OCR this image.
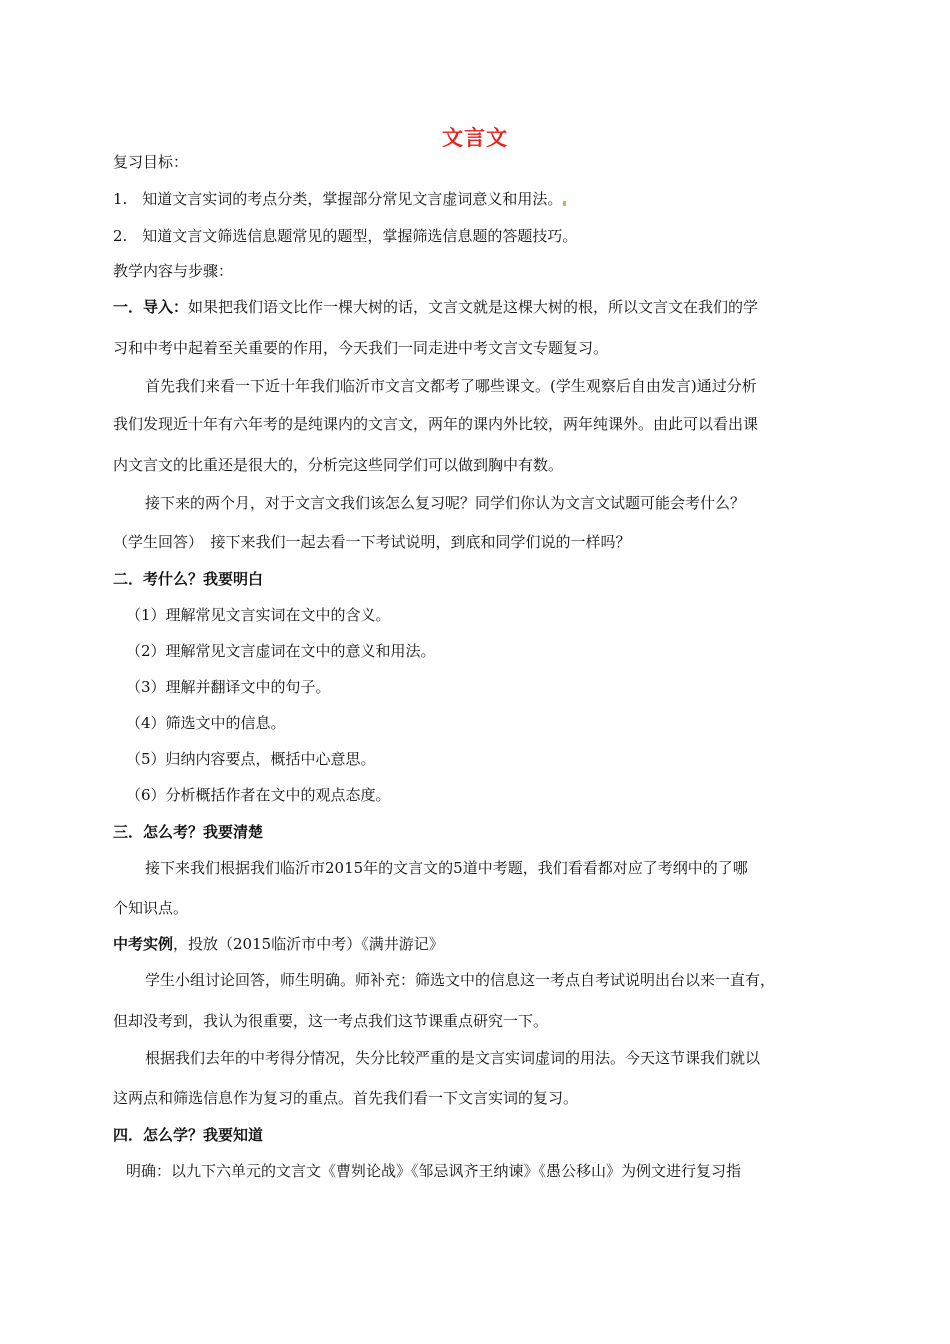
文言文
复习目标：
1.　知道文言实词的考点分类，掌握部分常见文言虚词意义和用法。
2.　知道文言文筛选信息题常见的题型，掌握筛选信息题的答题技巧。
教学内容与步骤：
一．导入：如果把我们语文比作一棵大树的话，文言文就是这棵大树的根，所以文言文在我们的学
习和中考中起着至关重要的作用，今天我们一同走进中考文言文专题复习。
首先我们来看一下近十年我们临沂市文言文都考了哪些课文。(学生观察后自由发言)通过分析
我们发现近十年有六年考的是纯课内的文言文，两年的课内外比较，两年纯课外。由此可以看出课
内文言文的比重还是很大的，分析完这些同学们可以做到胸中有数。
接下来的两个月，对于文言文我们该怎么复习呢？同学们你认为文言文试题可能会考什么？
（学生回答）　接下来我们一起去看一下考试说明，到底和同学们说的一样吗？
二．考什么？我要明白
（1）理解常见文言实词在文中的含义。
（2）理解常见文言虚词在文中的意义和用法。
（3）理解并翻译文中的句子。
（4）筛选文中的信息。
（5）归纳内容要点，概括中心意思。
（6）分析概括作者在文中的观点态度。
三．怎么考？我要清楚
接下来我们根据我们临沂市2015年的文言文的5道中考题，我们看看都对应了考纲中的了哪
个知识点。
中考实例，投放（2015临沂市中考）《满井游记》
学生小组讨论回答，师生明确。师补充：筛选文中的信息这一考点自考试说明出台以来一直有，
但却没考到，我认为很重要，这一考点我们这节课重点研究一下。
根据我们去年的中考得分情况，失分比较严重的是文言实词虚词的用法。今天这节课我们就以
这两点和筛选信息作为复习的重点。首先我们看一下文言实词的复习。
四．怎么学？我要知道
明确：以九下六单元的文言文《曹刿论战》《邹忌讽齐王纳谏》《愚公移山》为例文进行复习指
